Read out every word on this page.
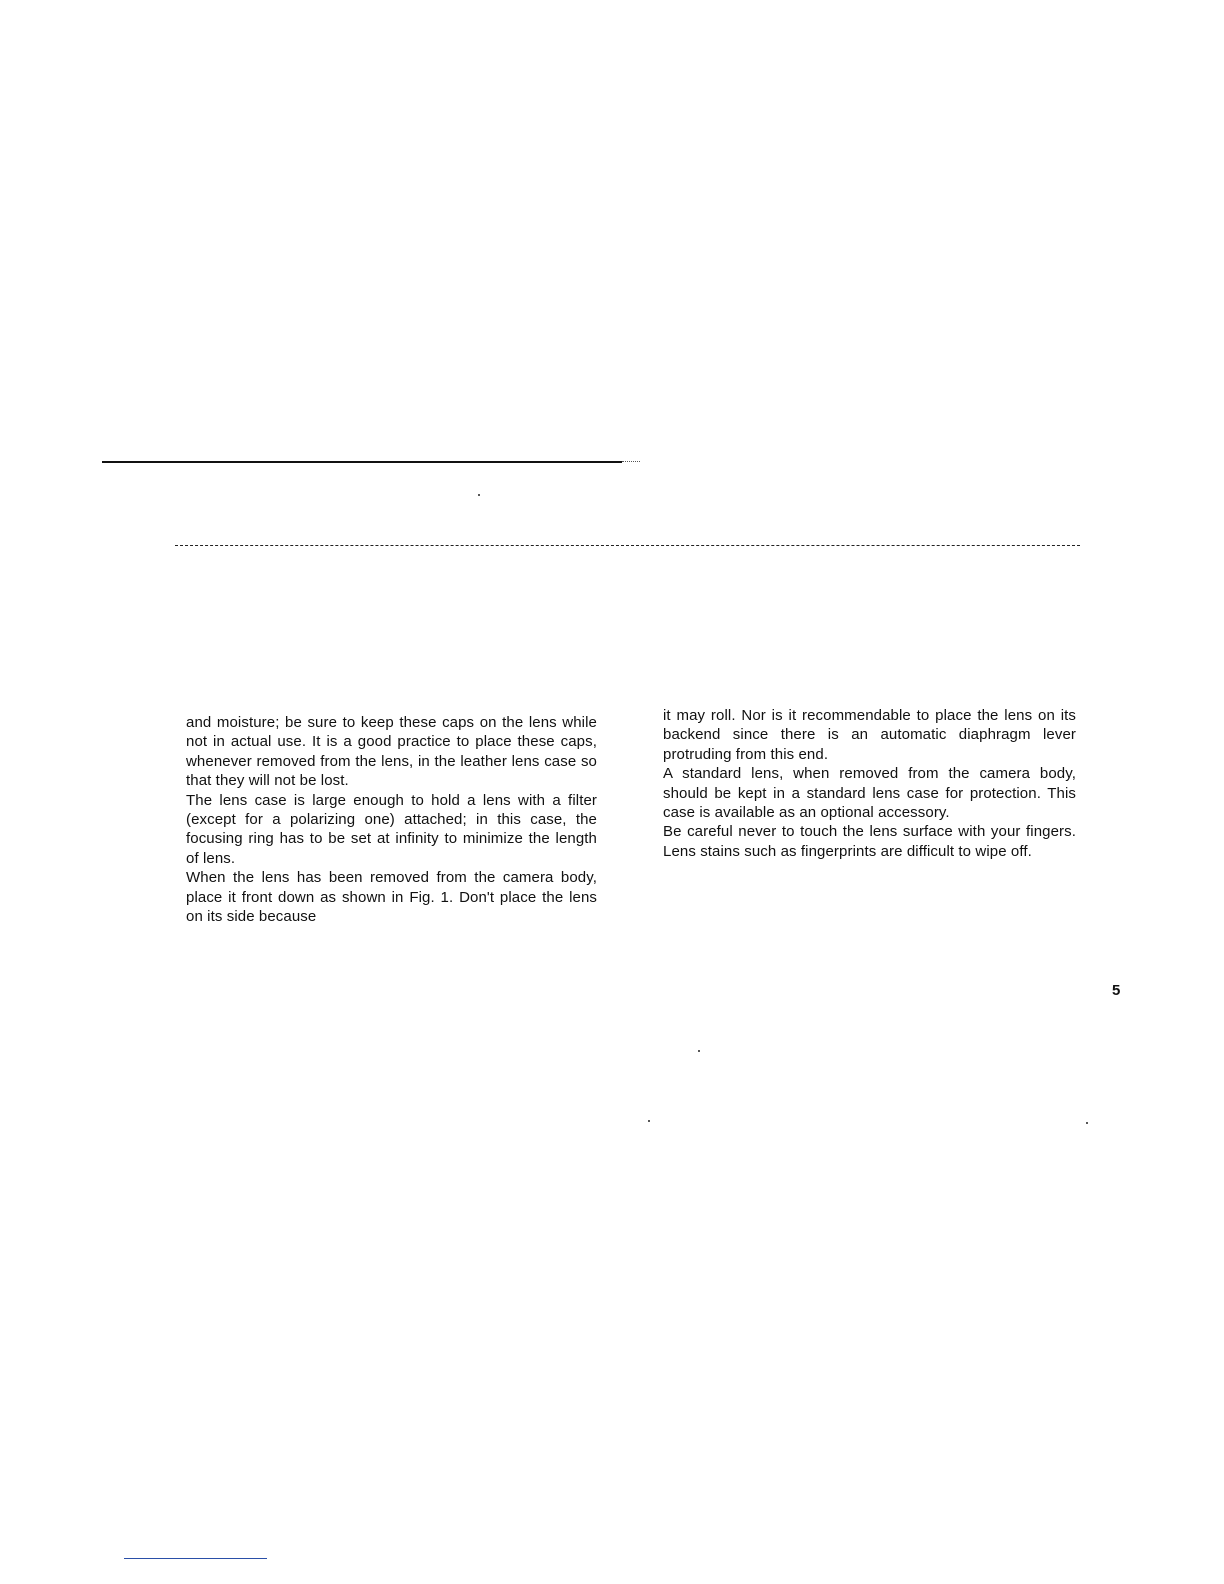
and moisture; be sure to keep these caps on the lens while not in actual use. It is a good practice to place these caps, whenever removed from the lens, in the leather lens case so that they will not be lost.

The lens case is large enough to hold a lens with a filter (except for a polarizing one) attached; in this case, the focusing ring has to be set at infinity to minimize the length of lens.

When the lens has been removed from the camera body, place it front down as shown in Fig. 1. Don't place the lens on its side because

it may roll. Nor is it recommendable to place the lens on its backend since there is an automatic diaphragm lever protruding from this end.

A standard lens, when removed from the camera body, should be kept in a standard lens case for protection. This case is available as an optional accessory.

Be careful never to touch the lens surface with your fingers. Lens stains such as fingerprints are difficult to wipe off.

5
